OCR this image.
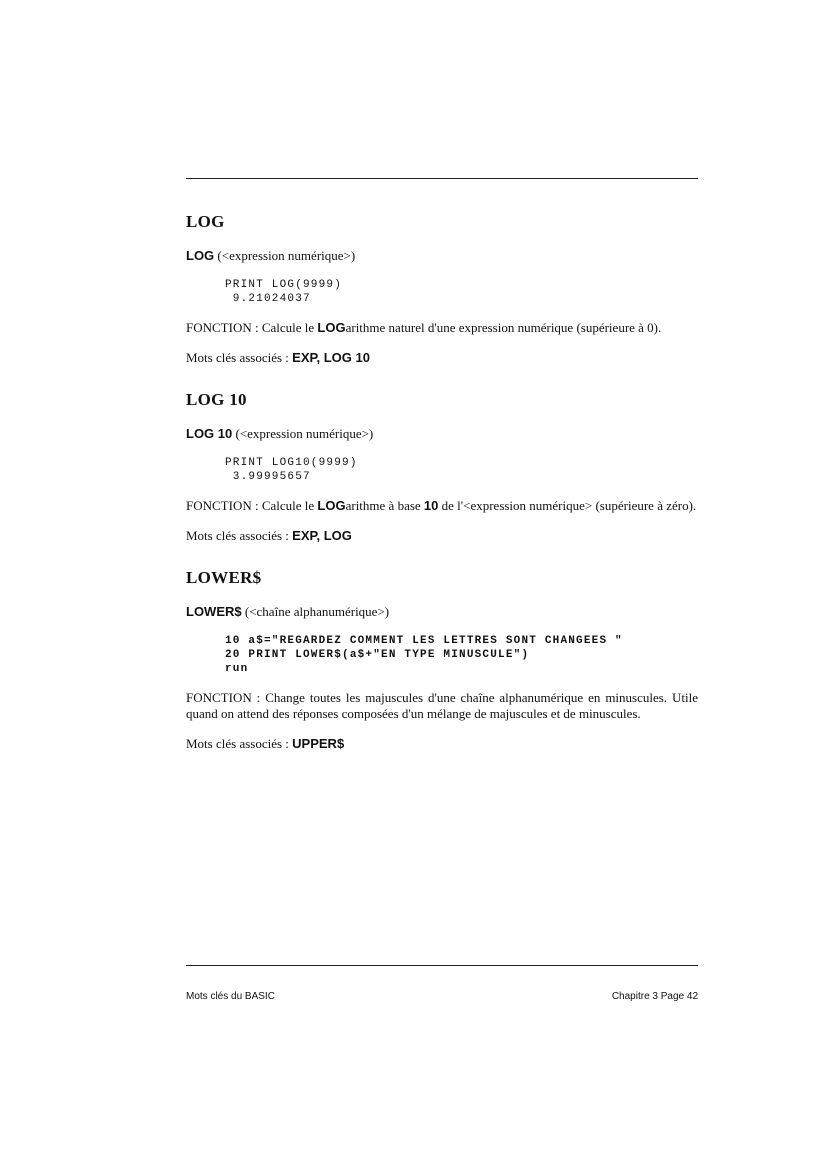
LOG
LOG (<expression numérique>)
PRINT LOG(9999)
9.21024037
FONCTION : Calcule le LOGarithme naturel d'une expression numérique (supérieure à 0).
Mots clés associés : EXP, LOG 10
LOG 10
LOG 10 (<expression numérique>)
PRINT LOG10(9999)
3.99995657
FONCTION : Calcule le LOGarithme à base 10 de l'<expression numérique> (supérieure à zéro).
Mots clés associés : EXP, LOG
LOWER$
LOWER$ (<chaîne alphanumérique>)
10 a$="REGARDEZ COMMENT LES LETTRES SONT CHANGEES "
20 PRINT LOWER$(a$+"EN TYPE MINUSCULE")
run
FONCTION : Change toutes les majuscules d'une chaîne alphanumérique en minuscules. Utile quand on attend des réponses composées d'un mélange de majuscules et de minuscules.
Mots clés associés : UPPER$
Mots clés du BASIC	Chapitre 3 Page 42
